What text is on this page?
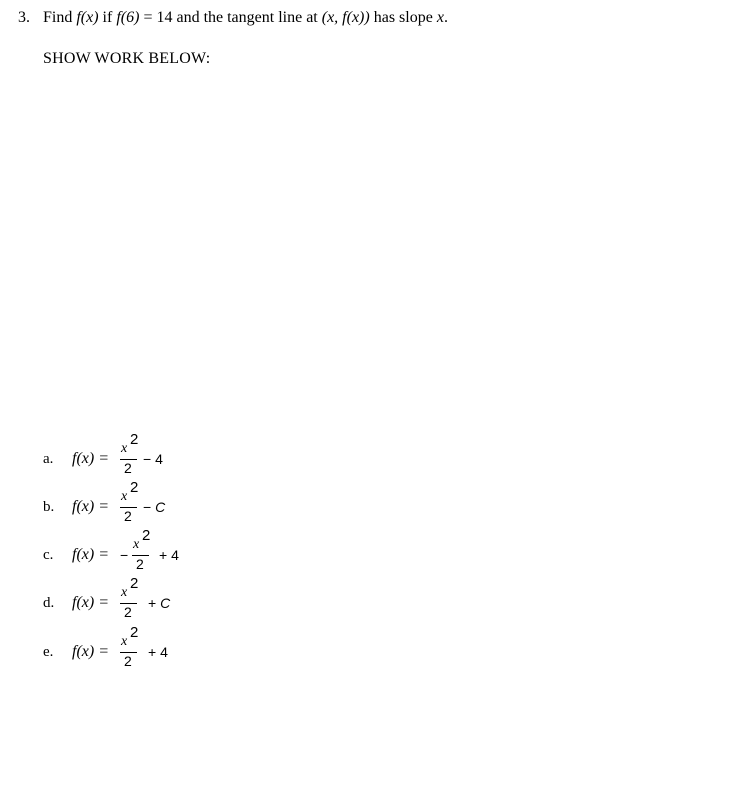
3. Find f(x) if f(6) = 14 and the tangent line at (x, f(x)) has slope x.
SHOW WORK BELOW:
a. f(x) =
x
2
2
− 4
b. f(x) =
x
2
2
− C
c. f(x) = −
x
2
2
+ 4
d. f(x) =
x
2
2
+ C
e. f(x) =
x
2
2
+ 4
